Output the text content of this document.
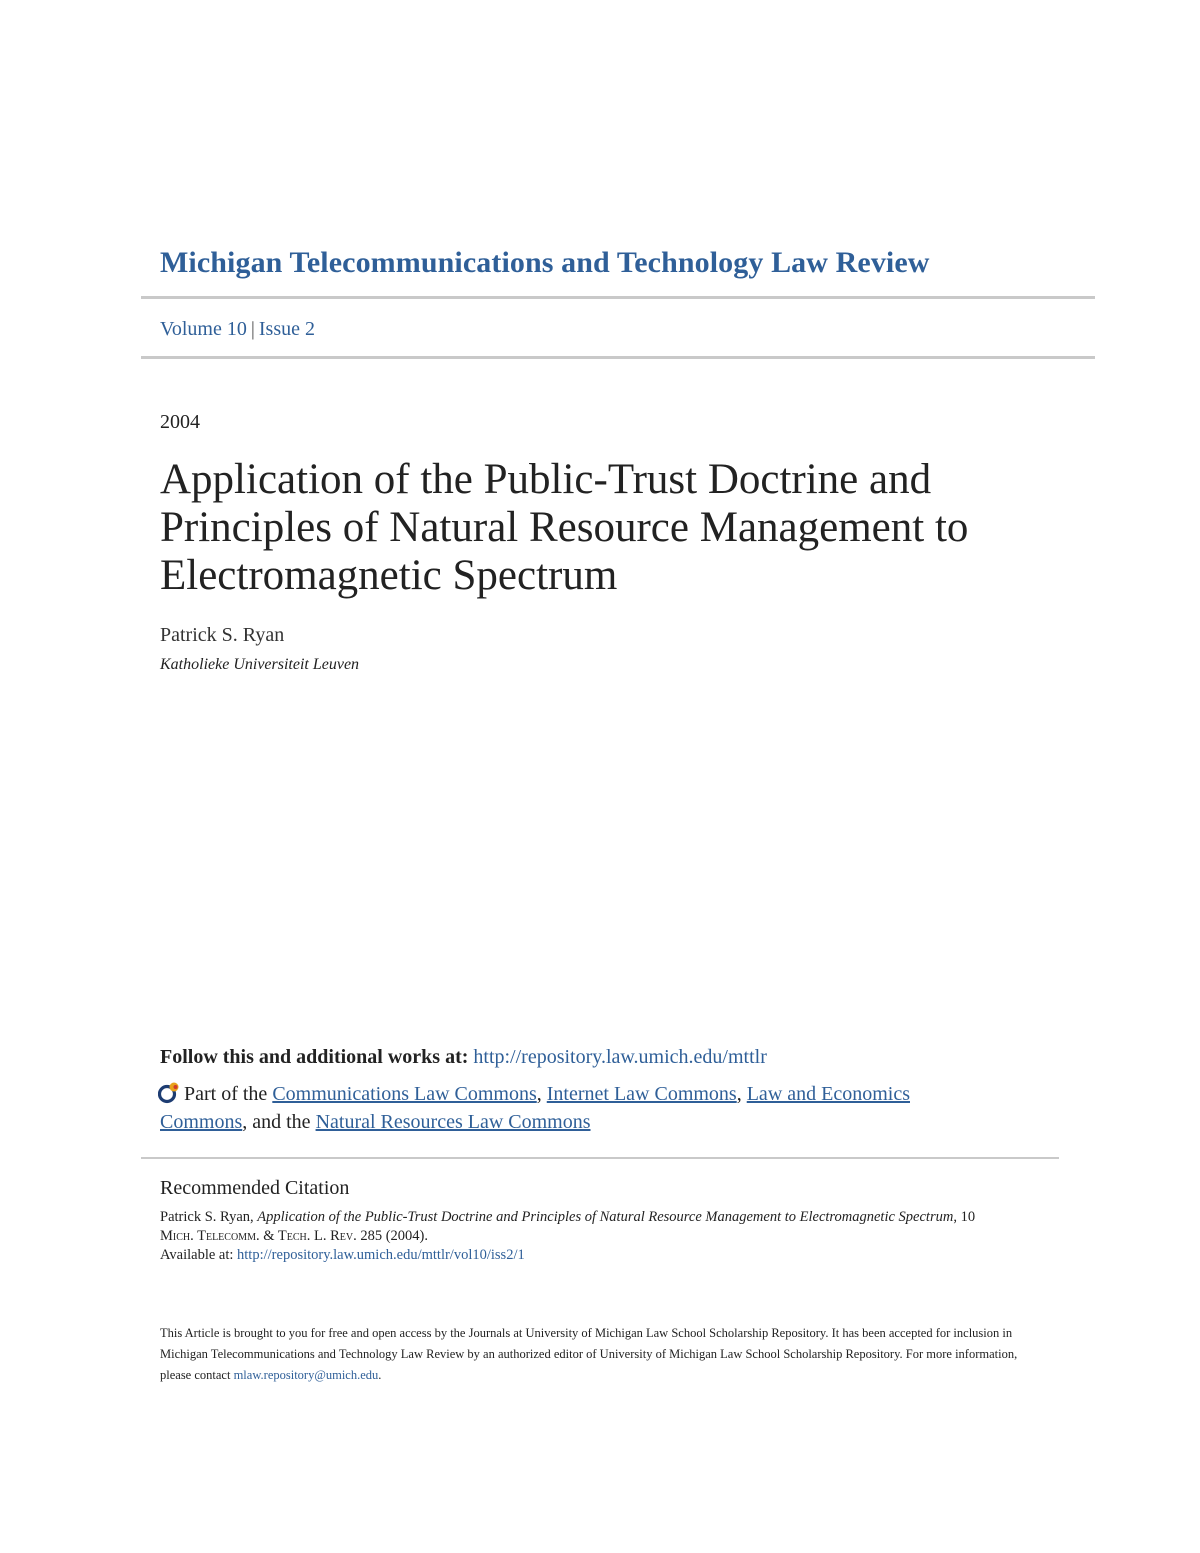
Michigan Telecommunications and Technology Law Review
Volume 10 | Issue 2
2004
Application of the Public-Trust Doctrine and
Principles of Natural Resource Management to
Electromagnetic Spectrum
Patrick S. Ryan
Katholieke Universiteit Leuven
Follow this and additional works at: http://repository.law.umich.edu/mttlr
Part of the Communications Law Commons, Internet Law Commons, Law and Economics
Commons, and the Natural Resources Law Commons
Recommended Citation
Patrick S. Ryan, Application of the Public-Trust Doctrine and Principles of Natural Resource Management to Electromagnetic Spectrum, 10
Mich. Telecomm. & Tech. L. Rev. 285 (2004).
Available at: http://repository.law.umich.edu/mttlr/vol10/iss2/1
This Article is brought to you for free and open access by the Journals at University of Michigan Law School Scholarship Repository. It has been accepted for inclusion in Michigan Telecommunications and Technology Law Review by an authorized editor of University of Michigan Law School Scholarship Repository. For more information, please contact mlaw.repository@umich.edu.
